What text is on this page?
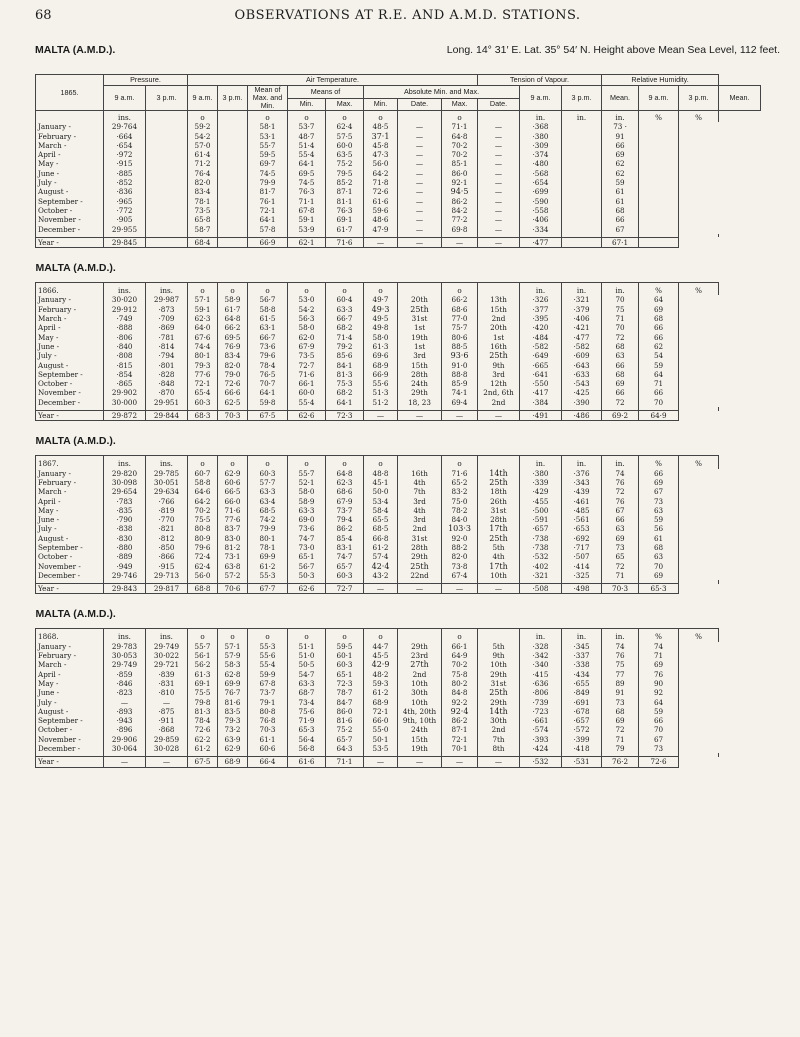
68	OBSERVATIONS AT R.E. AND A.M.D. STATIONS.
MALTA (A.M.D.).	Long. 14° 31′ E. Lat. 35° 54′ N. Height above Mean Sea Level, 112 feet.
1865.	Pressure.		Air Temperature.								Tension of Vapour.			Relative Humidity.				
	9 a.m.	3 p.m.	9 a.m.	3 p.m.	Mean of Max. and Min.	Means of		Absolute Min. and Max.				9 a.m.	3 p.m.	Mean.	9 a.m.	3 p.m.	Mean.	
						Min.	Max.	Min.	Date.	Max.	Date.							

	ins.		o		o	o	o	o		o		in.	in.	in.	%	%		
January -	29·764		59·2		58·1	53·7	62·4	48·5	—	71·1	—	·368		73 ·				
February -	·664		54·2		53·1	48·7	57·5	37·1	—	64·8	—	·380		91				
March -	·654		57·0		55·7	51·4	60·0	45·8	—	70·2	—	·309		66				
April -	·972		61·4		59·5	55·4	63·5	47·3	—	70·2	—	·374		69				
May -	·915		71·2		69·7	64·1	75·2	56·0	—	85·1	—	·480		62				
June -	·885		76·4		74·5	69·5	79·5	64·2	—	86·0	—	·568		62				
July -	·852		82·0		79·9	74·5	85·2	71·8	—	92·1	—	·654		59				
August -	·836		83·4		81·7	76·3	87·1	72·6	—	94·5	—	·699		61				
September -	·965		78·1		76·1	71·1	81·1	61·6	—	86·2	—	·590		61				
October -	·772		73·5		72·1	67·8	76·3	59·6	—	84·2	—	·558		68				
November -	·905		65·8		64·1	59·1	69·1	48·6	—	77·2	—	·406		66				
December -	29·955		58·7		57·8	53·9	61·7	47·9	—	69·8	—	·334		67				

Year -	29·845		68·4		66·9	62·1	71·6	—	—	—	—	·477		67·1				
MALTA (A.M.D.).																		

1866.	ins.	ins.	o	o	o	o	o	o		o		in.	in.	in.	%	%		
January -	30·020	29·987	57·1	58·9	56·7	53·0	60·4	49·7	20th	66·2	13th	·326	·321	70	64			
February -	29·912	·873	59·1	61·7	58·8	54·2	63·3	49·3	25th	68·6	15th	·377	·379	75	69			
March -	·749	·709	62·3	64·8	61·5	56·3	66·7	49·5	31st	77·0	2nd	·395	·406	71	68			
April -	·888	·869	64·0	66·2	63·1	58·0	68·2	49·8	1st	75·7	20th	·420	·421	70	66			
May -	·806	·781	67·6	69·5	66·7	62·0	71·4	58·0	19th	80·6	1st	·484	·477	72	66			
June -	·840	·814	74·4	76·9	73·6	67·9	79·2	61·3	1st	88·5	16th	·582	·582	68	62			
July -	·808	·794	80·1	83·4	79·6	73·5	85·6	69·6	3rd	93·6	25th	·649	·609	63	54			
August -	·815	·801	79·3	82·0	78·4	72·7	84·1	68·9	15th	91·0	9th	·665	·643	66	59			
September -	·854	·828	77·6	79·0	76·5	71·6	81·3	66·9	28th	88·8	3rd	·641	·633	68	64			
October -	·865	·848	72·1	72·6	70·7	66·1	75·3	55·6	24th	85·9	12th	·550	·543	69	71			
November -	29·902	·870	65·4	66·6	64·1	60·0	68·2	51·3	29th	74·1	2nd, 6th	·417	·425	66	66			
December -	30·000	29·951	60·3	62·5	59·8	55·4	64·1	51·2	18, 23	69·4	2nd	·384	·390	72	70			

Year -	29·872	29·844	68·3	70·3	67·5	62·6	72·3	—	—	—	—	·491	·486	69·2	64·9			
MALTA (A.M.D.).																		

1867.	ins.	ins.	o	o	o	o	o	o		o		in.	in.	in.	%	%		
January -	29·820	29·785	60·7	62·9	60·3	55·7	64·8	48·8	16th	71·6	14th	·380	·376	74	66			
February -	30·098	30·051	58·8	60·6	57·7	52·1	62·3	45·1	4th	65·2	25th	·339	·343	76	69			
March -	29·654	29·634	64·6	66·5	63·3	58·0	68·6	50·0	7th	83·2	18th	·429	·439	72	67			
April -	·783	·766	64·2	66·0	63·4	58·9	67·9	53·4	3rd	75·0	26th	·455	·461	76	73			
May -	·835	·819	70·2	71·6	68·5	63·3	73·7	58·4	4th	78·2	31st	·500	·485	67	63			
June -	·790	·770	75·5	77·6	74·2	69·0	79·4	65·5	3rd	84·0	28th	·591	·561	66	59			
July -	·838	·821	80·8	83·7	79·9	73·6	86·2	68·5	2nd	103·3	17th	·657	·653	63	56			
August -	·830	·812	80·9	83·0	80·1	74·7	85·4	66·8	31st	92·0	25th	·738	·692	69	61			
September -	·880	·850	79·6	81·2	78·1	73·0	83·1	61·2	28th	88·2	5th	·738	·717	73	68			
October -	·889	·866	72·4	73·1	69·9	65·1	74·7	57·4	29th	82·0	4th	·532	·507	65	63			
November -	·949	·915	62·4	63·8	61·2	56·7	65·7	42·4	25th	73·8	17th	·402	·414	72	70			
December -	29·746	29·713	56·0	57·2	55·3	50·3	60·3	43·2	22nd	67·4	10th	·321	·325	71	69			

Year -	29·843	29·817	68·8	70·6	67·7	62·6	72·7	—	—	—	—	·508	·498	70·3	65·3			
MALTA (A.M.D.).																		

1868.	ins.	ins.	o	o	o	o	o	o		o		in.	in.	in.	%	%		
January -	29·783	29·749	55·7	57·1	55·3	51·1	59·5	44·7	29th	66·1	5th	·328	·345	74	74			
February -	30·053	30·022	56·1	57·9	55·6	51·0	60·1	45·5	23rd	64·9	9th	·342	·337	76	71			
March -	29·749	29·721	56·2	58·3	55·4	50·5	60·3	42·9	27th	70·2	10th	·340	·338	75	69			
April -	·859	·839	61·3	62·8	59·9	54·7	65·1	48·2	2nd	75·8	29th	·415	·434	77	76			
May -	·846	·831	69·1	69·9	67·8	63·3	72·3	59·3	10th	80·2	31st	·636	·655	89	90			
June -	·823	·810	75·5	76·7	73·7	68·7	78·7	61·2	30th	84·8	25th	·806	·849	91	92			
July -	—	—	79·8	81·6	79·1	73·4	84·7	68·9	10th	92·2	29th	·739	·691	73	64			
August -	·893	·875	81·3	83·5	80·8	75·6	86·0	72·1	4th, 20th	92·4	14th	·723	·678	68	59			
September -	·943	·911	78·4	79·3	76·8	71·9	81·6	66·0	9th, 10th	86·2	30th	·661	·657	69	66			
October -	·896	·868	72·6	73·2	70·3	65·3	75·2	55·0	24th	87·1	2nd	·574	·572	72	70			
November -	29·906	29·859	62·2	63·9	61·1	56·4	65·7	50·1	15th	72·1	7th	·393	·399	71	67			
December -	30·064	30·028	61·2	62·9	60·6	56·8	64·3	53·5	19th	70·1	8th	·424	·418	79	73			

Year -	—	—	67·5	68·9	66·4	61·6	71·1	—	—	—	—	·532	·531	76·2	72·6			
